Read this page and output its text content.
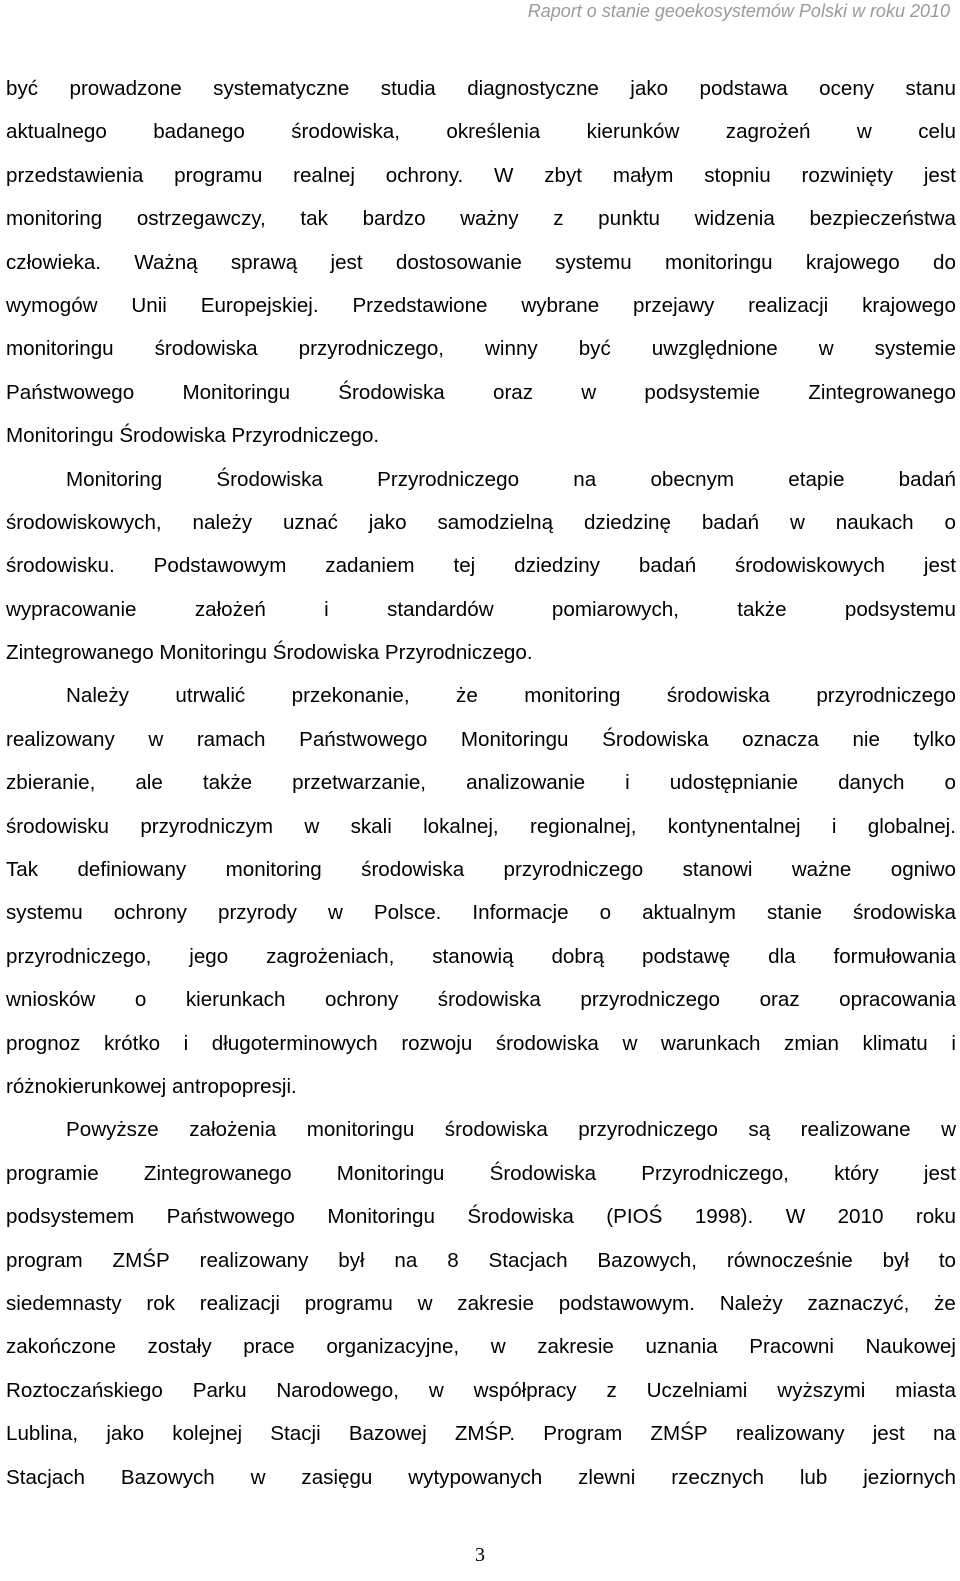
Raport o stanie geoekosystemów Polski w roku 2010
być prowadzone systematyczne studia diagnostyczne jako podstawa oceny stanu
aktualnego badanego środowiska, określenia kierunków zagrożeń w celu
przedstawienia programu realnej ochrony. W zbyt małym stopniu rozwinięty jest
monitoring ostrzegawczy, tak bardzo ważny z punktu widzenia bezpieczeństwa
człowieka. Ważną sprawą jest dostosowanie systemu monitoringu krajowego do
wymogów Unii Europejskiej. Przedstawione wybrane przejawy realizacji krajowego
monitoringu środowiska przyrodniczego, winny być uwzględnione w systemie
Państwowego Monitoringu Środowiska oraz w podsystemie Zintegrowanego
Monitoringu Środowiska Przyrodniczego.
Monitoring	Środowiska	Przyrodniczego	na	obecnym	etapie	badań
środowiskowych, należy uznać jako samodzielną dziedzinę badań w naukach o
środowisku. Podstawowym zadaniem tej dziedziny badań środowiskowych jest
wypracowanie	założeń	i	standardów	pomiarowych,	także	podsystemu
Zintegrowanego Monitoringu Środowiska Przyrodniczego.
Należy utrwalić przekonanie, że monitoring środowiska przyrodniczego
realizowany w ramach Państwowego Monitoringu Środowiska oznacza nie tylko
zbieranie, ale także przetwarzanie, analizowanie i udostępnianie danych o
środowisku przyrodniczym w skali lokalnej, regionalnej, kontynentalnej i globalnej.
Tak definiowany monitoring środowiska przyrodniczego stanowi ważne ogniwo
systemu ochrony przyrody w Polsce. Informacje o aktualnym stanie środowiska
przyrodniczego, jego zagrożeniach, stanowią dobrą podstawę dla formułowania
wniosków o kierunkach ochrony środowiska przyrodniczego oraz opracowania
prognoz krótko i długoterminowych rozwoju środowiska w warunkach zmian klimatu i
różnokierunkowej antropopresji.
Powyższe założenia monitoringu środowiska przyrodniczego są realizowane w
programie Zintegrowanego Monitoringu Środowiska Przyrodniczego, który jest
podsystemem Państwowego Monitoringu Środowiska (PIOŚ 1998). W 2010 roku
program ZMŚP realizowany był na 8 Stacjach Bazowych, równocześnie był to
siedemnasty rok realizacji programu w zakresie podstawowym. Należy zaznaczyć, że
zakończone zostały prace organizacyjne, w zakresie uznania Pracowni Naukowej
Roztoczańskiego Parku Narodowego, w współpracy z Uczelniami wyższymi miasta
Lublina, jako kolejnej Stacji Bazowej ZMŚP. Program ZMŚP realizowany jest na
Stacjach Bazowych w zasięgu wytypowanych zlewni rzecznych lub jeziornych
3
